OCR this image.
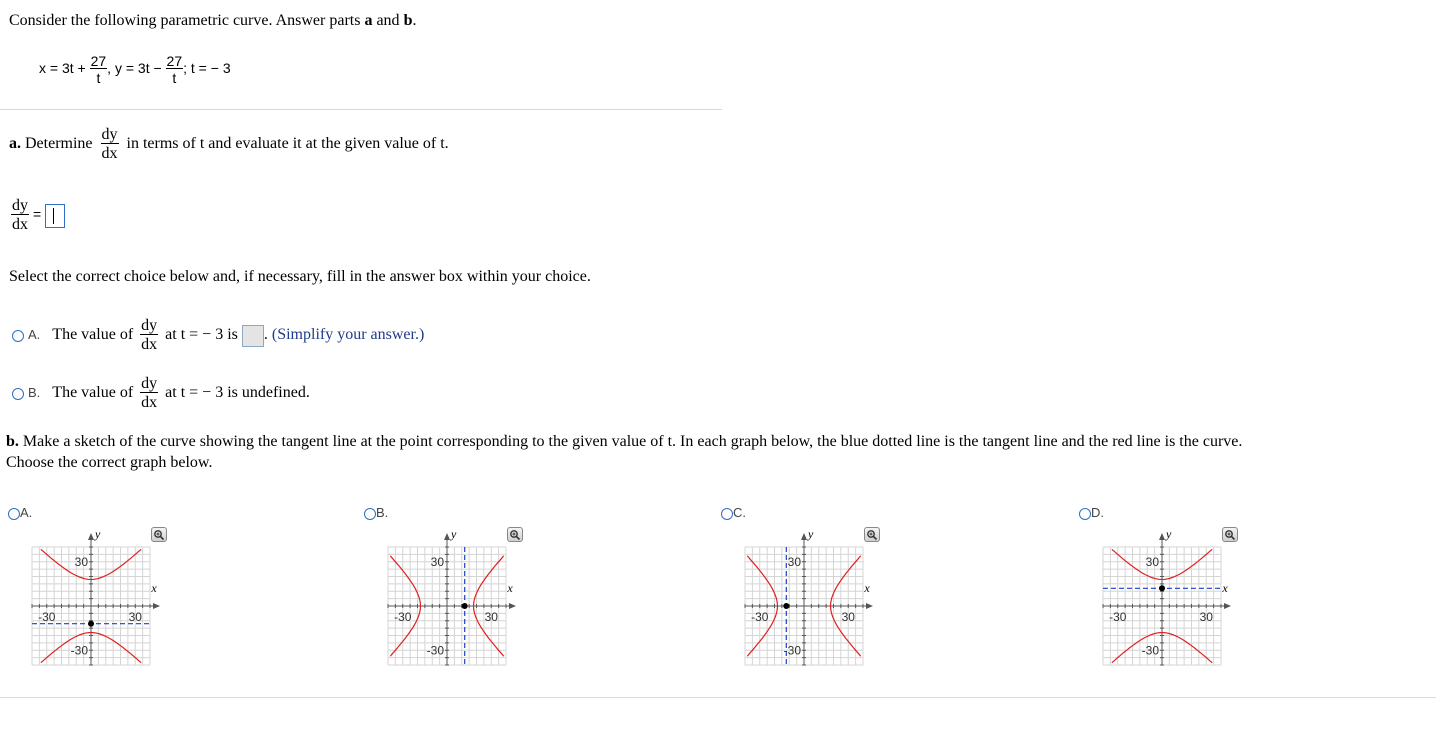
Consider the following parametric curve. Answer parts a and b.
$x = 3t + \frac{27}{t}$ , $y = 3t - \frac{27}{t}$ ; t = − 3
a. Determine $\frac{dy}{dx}$ in terms of t and evaluate it at the given value of t.
$\frac{dy}{dx}$ =
Select the correct choice below and, if necessary, fill in the answer box within your choice.
A. The value of $\frac{dy}{dx}$ at t = − 3 is . (Simplify your answer.)
B. The value of $\frac{dy}{dx}$ at t = − 3 is undefined.
b. Make a sketch of the curve showing the tangent line at the point corresponding to the given value of t. In each graph below, the blue dotted line is the tangent line and the red line is the curve.
Choose the correct graph below.
A.
30
-30
-30	30
x
y
B.
30
-30
-30	30
x
y
C.
30
-30
-30	30
x
y
D.
30
-30
-30	30
x
y
